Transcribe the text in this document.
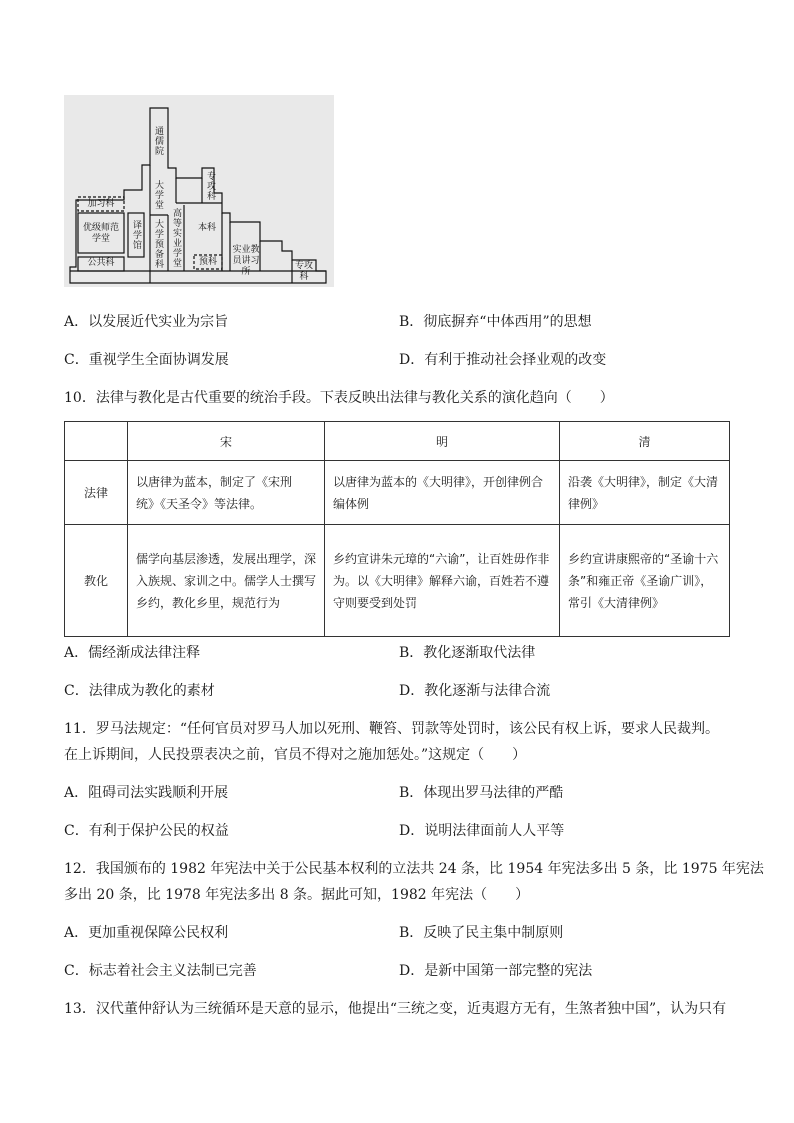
通儒院
专攻科
大学堂
加习科
优级师范学堂	译学馆 大学预备科 高等实业学堂	本科
预科
实业教员讲习所
专攻科
公共科
A．以发展近代实业为宗旨	B．彻底摒弃“中体西用”的思想
C．重视学生全面协调发展	D．有利于推动社会择业观的改变
10．法律与教化是古代重要的统治手段。下表反映出法律与教化关系的演化趋向（　　）
	宋	明	清
法律	以唐律为蓝本，制定了《宋刑统》《天圣令》等法律。	以唐律为蓝本的《大明律》，开创律例合编体例	沿袭《大明律》，制定《大清律例》
教化	儒学向基层渗透，发展出理学，深入族规、家训之中。儒学人士撰写乡约，教化乡里，规范行为	乡约宣讲朱元璋的“六谕”，让百姓毋作非为。以《大明律》解释六谕，百姓若不遵守则要受到处罚	乡约宣讲康熙帝的“圣谕十六条”和雍正帝《圣谕广训》，常引《大清律例》
A．儒经渐成法律注释	B．教化逐渐取代法律
C．法律成为教化的素材	D．教化逐渐与法律合流
11．罗马法规定：“任何官员对罗马人加以死刑、鞭笞、罚款等处罚时，该公民有权上诉，要求人民裁判。
在上诉期间，人民投票表决之前，官员不得对之施加惩处。”这规定（　　）
A．阻碍司法实践顺利开展	B．体现出罗马法律的严酷
C．有利于保护公民的权益	D．说明法律面前人人平等
12．我国颁布的 1982 年宪法中关于公民基本权利的立法共 24 条，比 1954 年宪法多出 5 条，比 1975 年宪法
多出 20 条，比 1978 年宪法多出 8 条。据此可知，1982 年宪法（　　）
A．更加重视保障公民权利	B．反映了民主集中制原则
C．标志着社会主义法制已完善	D．是新中国第一部完整的宪法
13．汉代董仲舒认为三统循环是天意的显示，他提出“三统之变，近夷遐方无有，生煞者独中国”，认为只有
